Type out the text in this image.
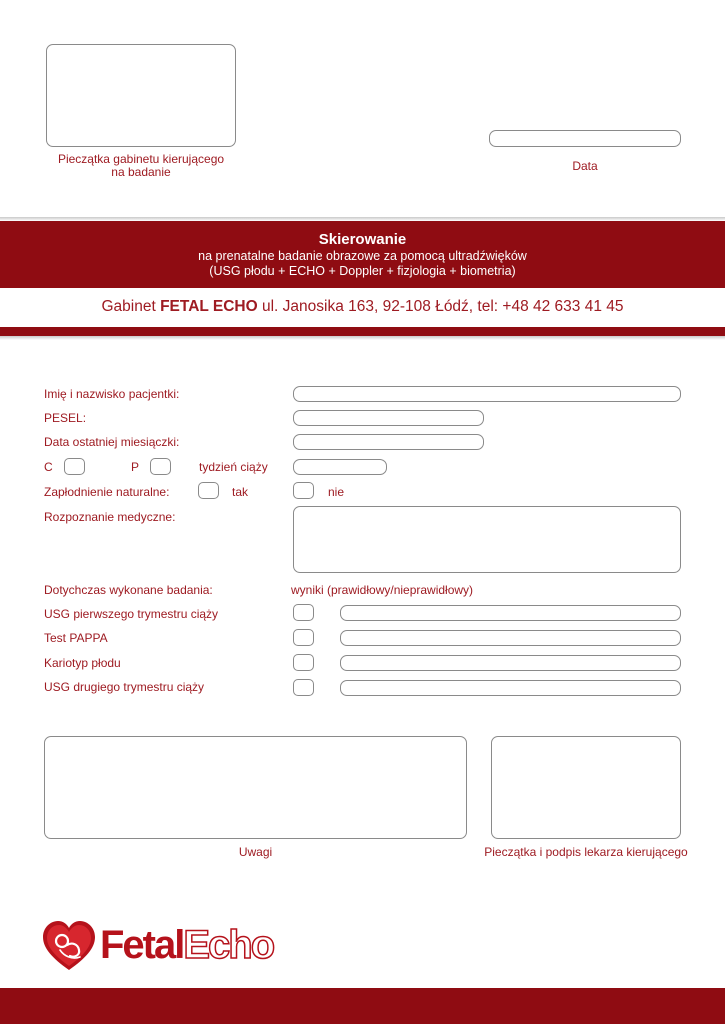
Pieczątka gabinetu kierującego
na badanie	Data
Skierowanie
na prenatalne badanie obrazowe za pomocą ultradźwięków
(USG płodu + ECHO + Doppler + fizjologia + biometria)
Gabinet FETAL ECHO ul. Janosika 163, 92-108 Łódź, tel: +48 42 633 41 45
Imię i nazwisko pacjentki:
PESEL:
Data ostatniej miesiączki:
C	P	tydzień ciąży
Zapłodnienie naturalne:	tak	nie
Rozpoznanie medyczne:
Dotychczas wykonane badania:	wyniki (prawidłowy/nieprawidłowy)
USG pierwszego trymestru ciąży
Test PAPPA
Kariotyp płodu
USG drugiego trymestru ciąży
Uwagi	Pieczątka i podpis lekarza kierującego
FetalEcho
